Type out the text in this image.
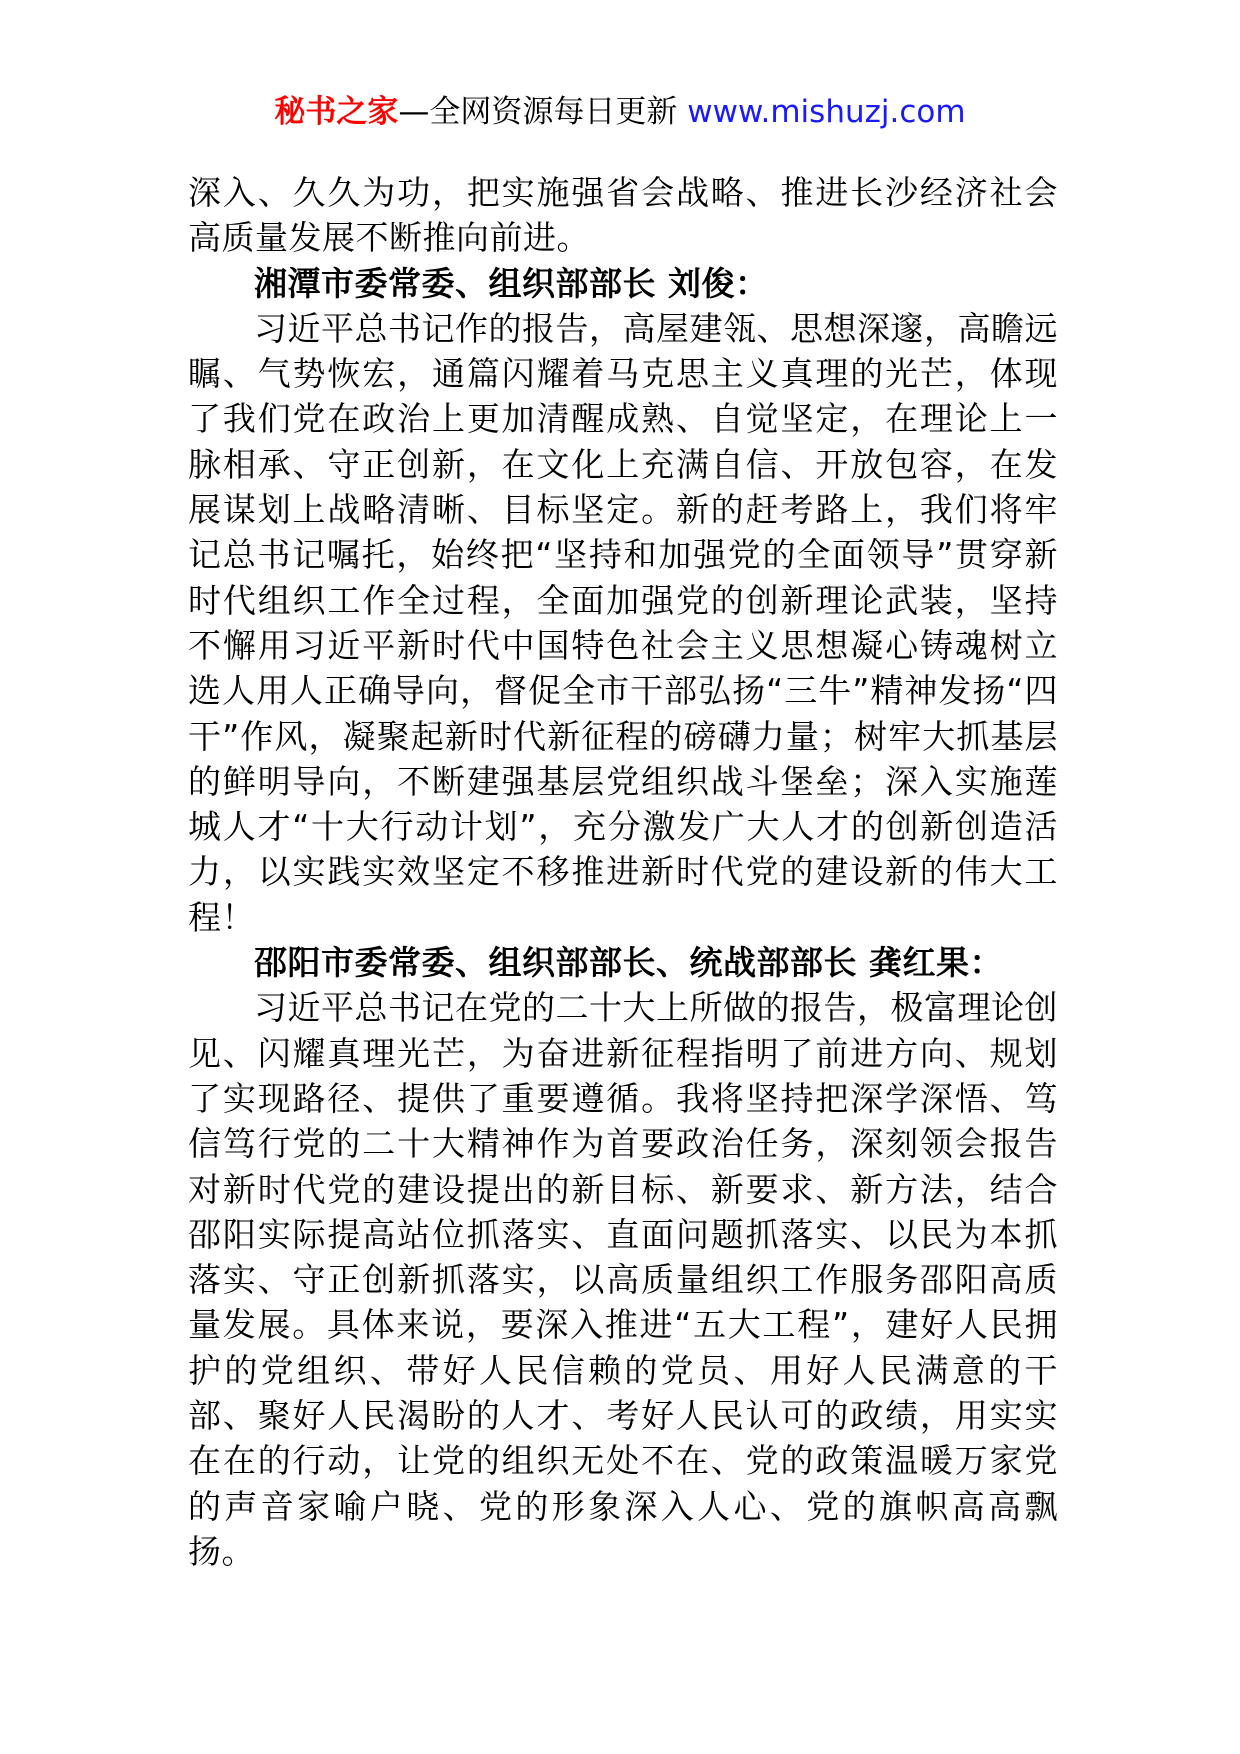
秘书之家—全网资源每日更新 www.mishuzj.com

深入、久久为功，把实施强省会战略、推进长沙经济社会高质量发展不断推向前进。

湘潭市委常委、组织部部长 刘俊：

习近平总书记作的报告，高屋建瓴、思想深邃，高瞻远瞩、气势恢宏，通篇闪耀着马克思主义真理的光芒，体现了我们党在政治上更加清醒成熟、自觉坚定，在理论上一脉相承、守正创新，在文化上充满自信、开放包容，在发展谋划上战略清晰、目标坚定。新的赶考路上，我们将牢记总书记嘱托，始终把“坚持和加强党的全面领导”贯穿新时代组织工作全过程，全面加强党的创新理论武装，坚持不懈用习近平新时代中国特色社会主义思想凝心铸魂树立选人用人正确导向，督促全市干部弘扬“三牛”精神发扬“四干”作风，凝聚起新时代新征程的磅礴力量；树牢大抓基层的鲜明导向，不断建强基层党组织战斗堡垒；深入实施莲城人才“十大行动计划”，充分激发广大人才的创新创造活力，以实践实效坚定不移推进新时代党的建设新的伟大工程！

邵阳市委常委、组织部部长、统战部部长 龚红果：

习近平总书记在党的二十大上所做的报告，极富理论创见、闪耀真理光芒，为奋进新征程指明了前进方向、规划了实现路径、提供了重要遵循。我将坚持把深学深悟、笃信笃行党的二十大精神作为首要政治任务，深刻领会报告对新时代党的建设提出的新目标、新要求、新方法，结合邵阳实际提高站位抓落实、直面问题抓落实、以民为本抓落实、守正创新抓落实，以高质量组织工作服务邵阳高质量发展。具体来说，要深入推进“五大工程”，建好人民拥护的党组织、带好人民信赖的党员、用好人民满意的干部、聚好人民渴盼的人才、考好人民认可的政绩，用实实在在的行动，让党的组织无处不在、党的政策温暖万家党的声音家喻户晓、党的形象深入人心、党的旗帜高高飘扬。
